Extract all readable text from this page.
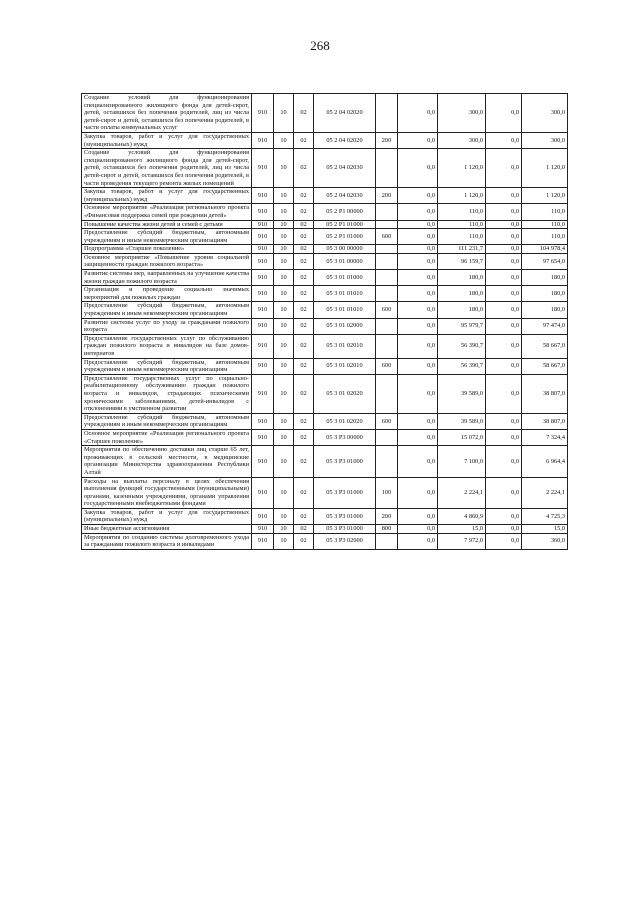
268
Создание условий для функционирования специализированного жилищного фонда для детей-сирот, детей, оставшихся без попечения родителей, лиц из числа детей-сирот и детей, оставшихся без попечения родителей, в части оплаты коммунальных услуг	910	10	02	05 2 04 02020		0,0	300,0	0,0	300,0
Закупка товаров, работ и услуг для государственных (муниципальных) нужд	910	10	02	05 2 04 02020	200	0,0	300,0	0,0	300,0
Создание условий для функционирования специализированного жилищного фонда для детей-сирот, детей, оставшихся без попечения родителей, лиц из числа детей-сирот и детей, оставшихся без попечения родителей, в части проведения текущего ремонта жилых помещений	910	10	02	05 2 04 02030		0,0	1 120,0	0,0	1 120,0
Закупка товаров, работ и услуг для государственных (муниципальных) нужд	910	10	02	05 2 04 02030	200	0,0	1 120,0	0,0	1 120,0
Основное мероприятие «Реализация регионального проекта «Финансовая поддержка семей при рождении детей»	910	10	02	05 2 P1 00000		0,0	110,0	0,0	110,0
Повышение качества жизни детей и семей с детьми	910	10	02	05 2 P1 01000		0,0	110,0	0,0	110,0
Предоставление субсидий бюджетным, автономным учреждениям и иным некоммерческим организациям	910	10	02	05 2 P1 01000	600	0,0	110,0	0,0	110,0
Подпрограмма «Старшее поколение»	910	10	02	05 3 00 00000		0,0	111 231,7	0,0	104 978,4
Основное мероприятие «Повышение уровня социальной защищенности граждан пожилого возраста»	910	10	02	05 3 01 00000		0,0	96 159,7	0,0	97 654,0
Развитие системы мер, направленных на улучшение качества жизни граждан пожилого возраста	910	10	02	05 3 01 01000		0,0	180,0	0,0	180,0
Организация и проведение социально значимых мероприятий для пожилых граждан	910	10	02	05 3 01 01010		0,0	180,0	0,0	180,0
Предоставление субсидий бюджетным, автономным учреждениям и иным некоммерческим организациям	910	10	02	05 3 01 01010	600	0,0	180,0	0,0	180,0
Развитие системы услуг по уходу за гражданами пожилого возраста	910	10	02	05 3 01 02000		0,0	95 979,7	0,0	97 474,0
Предоставление государственных услуг по обслуживанию граждан пожилого возраста и инвалидов на базе домов-интернатов	910	10	02	05 3 01 02010		0,0	56 390,7	0,0	58 667,0
Предоставление субсидий бюджетным, автономным учреждениям и иным некоммерческим организациям	910	10	02	05 3 01 02010	600	0,0	56 390,7	0,0	58 667,0
Предоставление государственных услуг по социально-реабилитационному обслуживанию граждан пожилого возраста и инвалидов, страдающих психическими хроническими заболеваниями, детей-инвалидов с отклонениями в умственном развитии	910	10	02	05 3 01 02020		0,0	39 589,0	0,0	38 807,0
Предоставление субсидий бюджетным, автономным учреждениям и иным некоммерческим организациям	910	10	02	05 3 01 02020	600	0,0	39 589,0	0,0	38 807,0
Основное мероприятие «Реализация регионального проекта «Старшее поколение»	910	10	02	05 3 P3 00000		0,0	15 072,0	0,0	7 324,4
Мероприятия по обеспечению доставки лиц старше 65 лет, проживающих в сельской местности, в медицинские организации Министерства здравоохранения Республики Алтай	910	10	02	05 3 P3 01000		0,0	7 100,0	0,0	6 964,4
Расходы на выплаты персоналу в целях обеспечения выполнения функций государственными (муниципальными) органами, казенными учреждениями, органами управления государственными внебюджетными фондами	910	10	02	05 3 P3 01000	100	0,0	2 224,1	0,0	2 224,1
Закупка товаров, работ и услуг для государственных (муниципальных) нужд	910	10	02	05 3 P3 01000	200	0,0	4 860,9	0,0	4 725,3
Иные бюджетные ассигнования	910	10	02	05 3 P3 01000	800	0,0	15,0	0,0	15,0
Мероприятия по созданию системы долговременного ухода за гражданами пожилого возраста и инвалидами	910	10	02	05 3 P3 02000		0,0	7 972,0	0,0	360,0
